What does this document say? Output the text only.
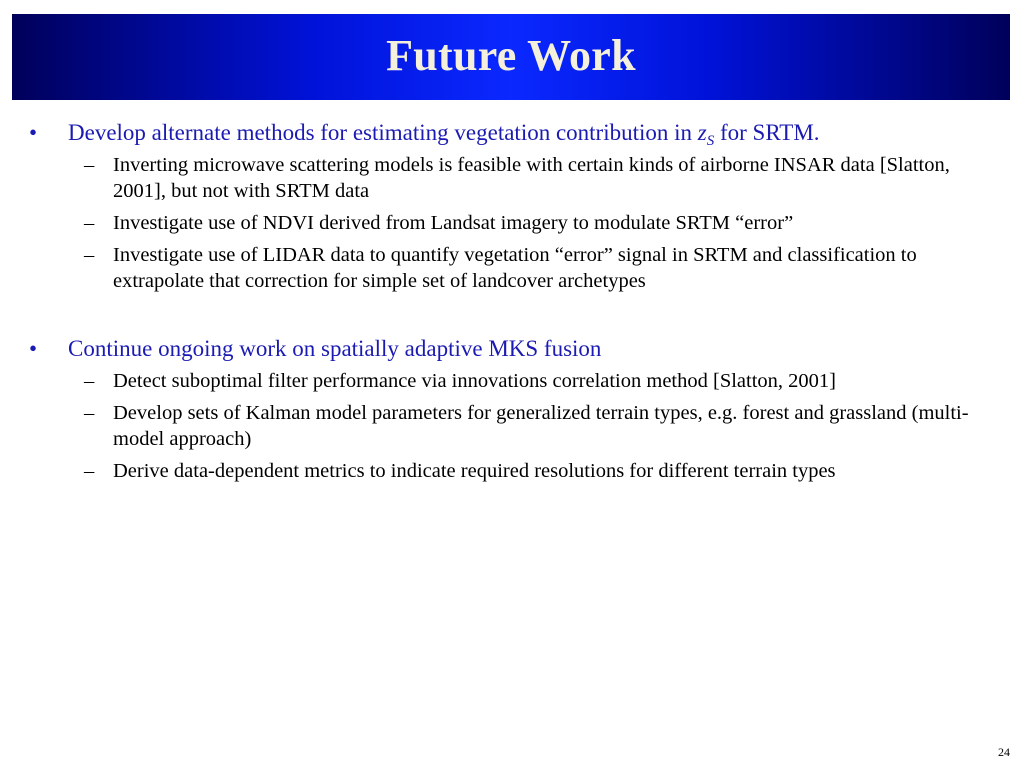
Future Work
• Develop alternate methods for estimating vegetation contribution in $z_S$ for SRTM.
– Inverting microwave scattering models is feasible with certain kinds of airborne INSAR data [Slatton, 2001], but not with SRTM data
– Investigate use of NDVI derived from Landsat imagery to modulate SRTM “error”
– Investigate use of LIDAR data to quantify vegetation “error” signal in SRTM and classification to extrapolate that correction for simple set of landcover archetypes
• Continue ongoing work on spatially adaptive MKS fusion
– Detect suboptimal filter performance via innovations correlation method [Slatton, 2001]
– Develop sets of Kalman model parameters for generalized terrain types, e.g. forest and grassland (multi-model approach)
– Derive data-dependent metrics to indicate required resolutions for different terrain types
24
